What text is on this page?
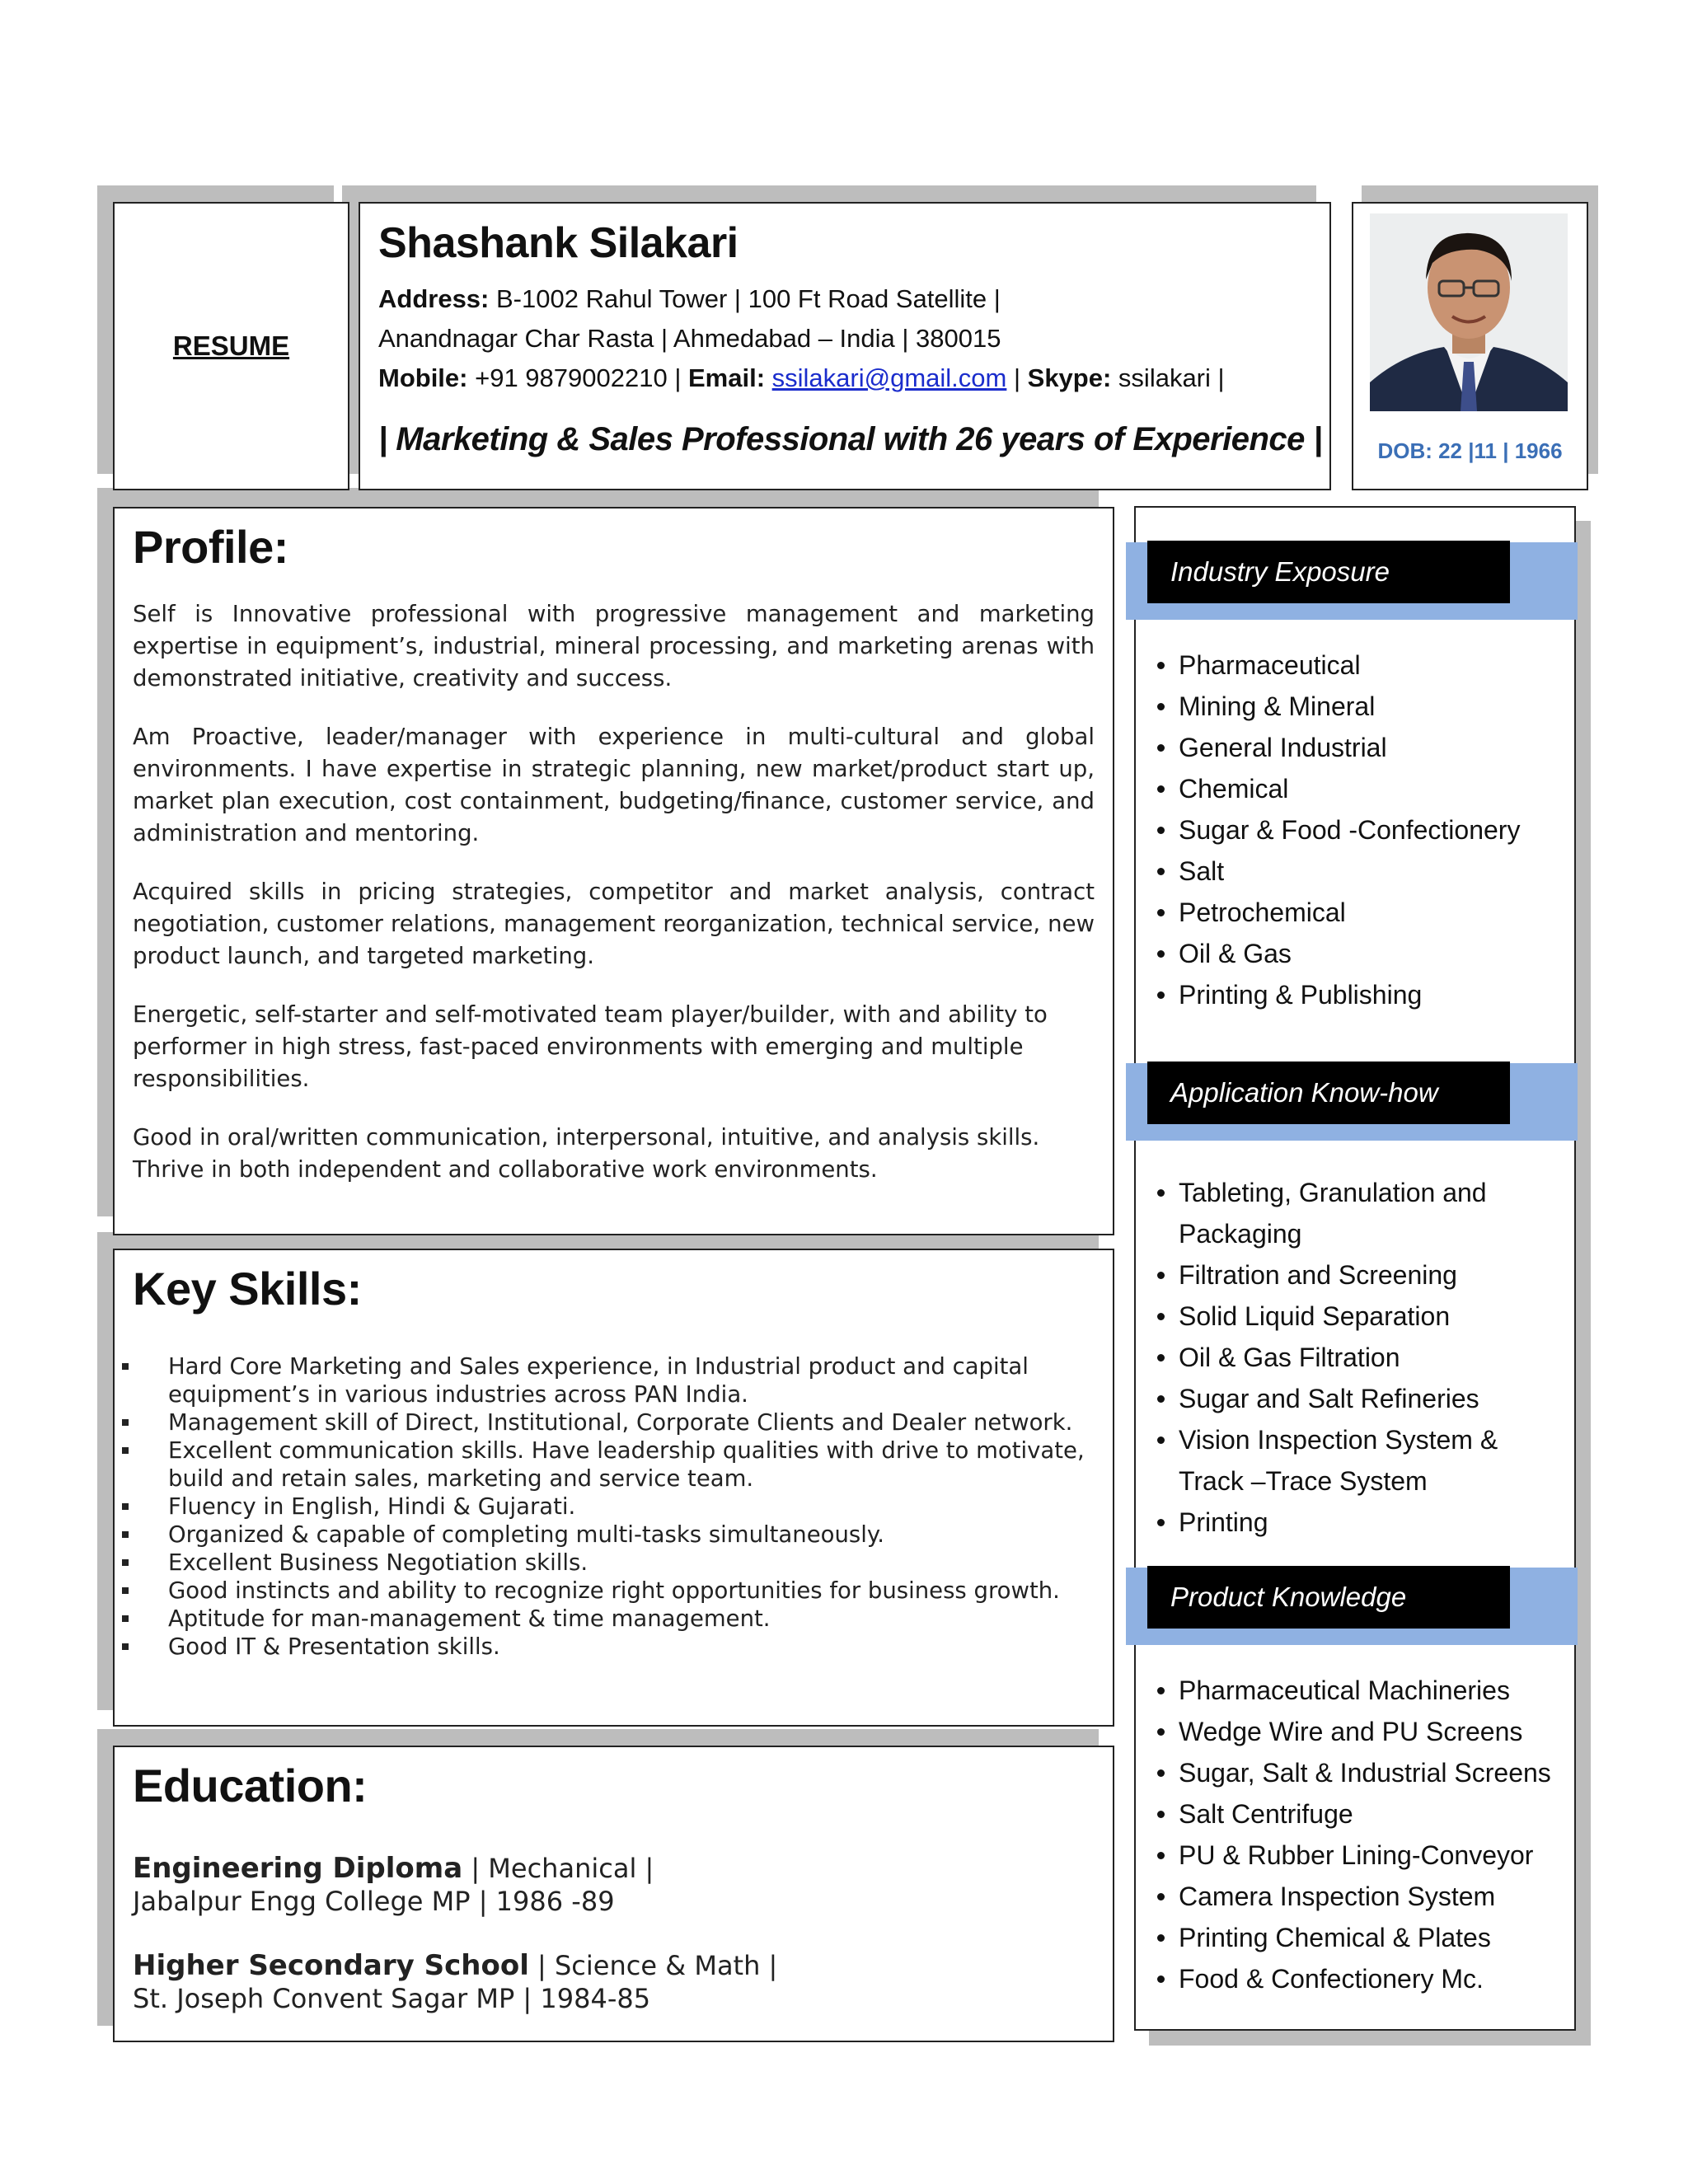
RESUME
Shashank Silakari
Address: B-1002 Rahul Tower | 100 Ft Road Satellite |
Anandnagar Char Rasta | Ahmedabad – India | 380015
Mobile: +91 9879002210 | Email: ssilakari@gmail.com | Skype: ssilakari |
| Marketing & Sales Professional with 26 years of Experience |	DOB: 22 |11 | 1966
Profile:

Self is Innovative professional with progressive management and marketing expertise in equipment’s, industrial, mineral processing, and marketing arenas with demonstrated initiative, creativity and success.

Am Proactive, leader/manager with experience in multi-cultural and global environments. I have expertise in strategic planning, new market/product start up, market plan execution, cost containment, budgeting/finance, customer service, and administration and mentoring.

Acquired skills in pricing strategies, competitor and market analysis, contract negotiation, customer relations, management reorganization, technical service, new product launch, and targeted marketing.

Energetic, self-starter and self-motivated team player/builder, with and ability to performer in high stress, fast-paced environments with emerging and multiple responsibilities.

Good in oral/written communication, interpersonal, intuitive, and analysis skills. Thrive in both independent and collaborative work environments.

Key Skills:
Hard Core Marketing and Sales experience, in Industrial product and capital equipment’s in various industries across PAN India.
Management skill of Direct, Institutional, Corporate Clients and Dealer network.
Excellent communication skills. Have leadership qualities with drive to motivate, build and retain sales, marketing and service team.
Fluency in English, Hindi & Gujarati.
Organized & capable of completing multi-tasks simultaneously.
Excellent Business Negotiation skills.
Good instincts and ability to recognize right opportunities for business growth.
Aptitude for man-management & time management.
Good IT & Presentation skills.
Education:
Engineering Diploma | Mechanical |
Jabalpur Engg College MP | 1986 -89
Higher Secondary School | Science & Math |
St. Joseph Convent Sagar MP | 1984-85
Industry Exposure
Pharmaceutical
Mining & Mineral
General Industrial
Chemical
Sugar & Food -Confectionery
Salt
Petrochemical
Oil & Gas
Printing & Publishing
Application Know-how
Tableting, Granulation and Packaging
Filtration and Screening
Solid Liquid Separation
Oil & Gas Filtration
Sugar and Salt Refineries
Vision Inspection System & Track –Trace System
Printing
Product Knowledge
Pharmaceutical Machineries
Wedge Wire and PU Screens
Sugar, Salt & Industrial Screens
Salt Centrifuge
PU & Rubber Lining-Conveyor
Camera Inspection System
Printing Chemical & Plates
Food & Confectionery Mc.
